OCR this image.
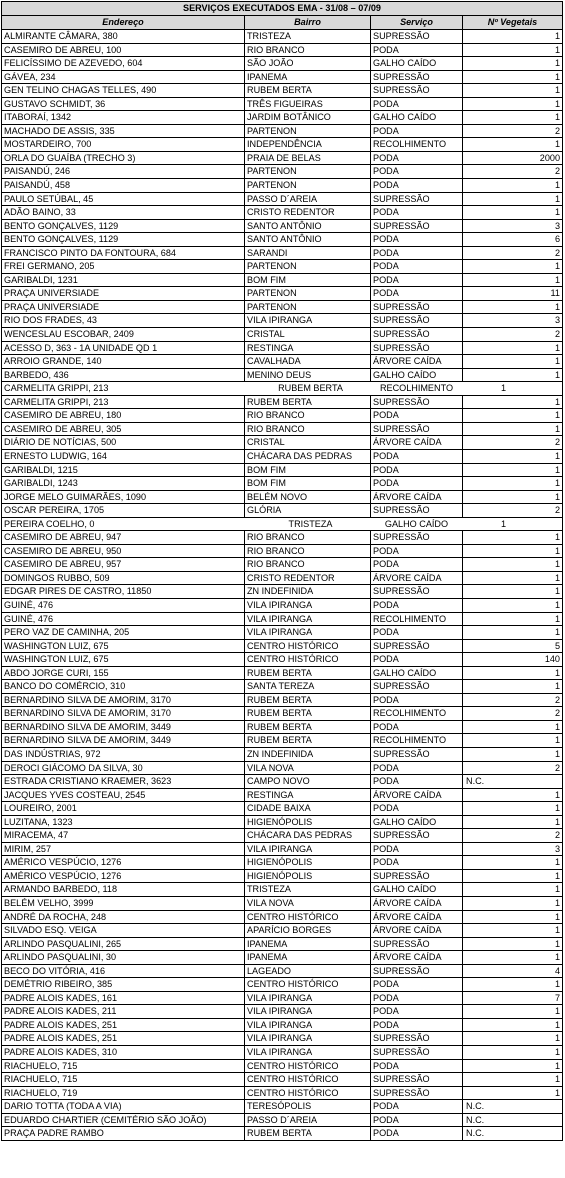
SERVIÇOS EXECUTADOS EMA - 31/08 – 07/09
Endereço	Bairro	Serviço	Nº Vegetais
ALMIRANTE CÂMARA, 380	TRISTEZA	SUPRESSÃO	1
CASEMIRO DE ABREU, 100	RIO BRANCO	PODA	1
FELICÍSSIMO DE AZEVEDO, 604	SÃO JOÃO	GALHO CAÍDO	1
GÁVEA, 234	IPANEMA	SUPRESSÃO	1
GEN TELINO CHAGAS TELLES, 490	RUBEM BERTA	SUPRESSÃO	1
GUSTAVO SCHMIDT, 36	TRÊS FIGUEIRAS	PODA	1
ITABORAÍ, 1342	JARDIM BOTÂNICO	GALHO CAÍDO	1
MACHADO DE ASSIS, 335	PARTENON	PODA	2
MOSTARDEIRO, 700	INDEPENDÊNCIA	RECOLHIMENTO	1
ORLA DO GUAÍBA (TRECHO 3)	PRAIA DE BELAS	PODA	2000
PAISANDÚ, 246	PARTENON	PODA	2
PAISANDÚ, 458	PARTENON	PODA	1
PAULO SETÚBAL, 45	PASSO D´AREIA	SUPRESSÃO	1
ADÃO BAINO, 33	CRISTO REDENTOR	PODA	1
BENTO GONÇALVES, 1129	SANTO ANTÔNIO	SUPRESSÃO	3
BENTO GONÇALVES, 1129	SANTO ANTÔNIO	PODA	6
FRANCISCO PINTO DA FONTOURA, 684	SARANDI	PODA	2
FREI GERMANO, 205	PARTENON	PODA	1
GARIBALDI, 1231	BOM FIM	PODA	1
PRAÇA UNIVERSIADE	PARTENON	PODA	11
PRAÇA UNIVERSIADE	PARTENON	SUPRESSÃO	1
RIO DOS FRADES, 43	VILA IPIRANGA	SUPRESSÃO	3
WENCESLAU ESCOBAR, 2409	CRISTAL	SUPRESSÃO	2
ACESSO D, 363 - 1A UNIDADE QD 1	RESTINGA	SUPRESSÃO	1
ARROIO GRANDE, 140	CAVALHADA	ÁRVORE CAÍDA	1
BARBEDO, 436	MENINO DEUS	GALHO CAÍDO	1
CARMELITA GRIPPI, 213	RUBEM BERTA	RECOLHIMENTO	1
CARMELITA GRIPPI, 213	RUBEM BERTA	SUPRESSÃO	1
CASEMIRO DE ABREU, 180	RIO BRANCO	PODA	1
CASEMIRO DE ABREU, 305	RIO BRANCO	SUPRESSÃO	1
DIÁRIO DE NOTÍCIAS, 500	CRISTAL	ÁRVORE CAÍDA	2
ERNESTO LUDWIG, 164	CHÁCARA DAS PEDRAS	PODA	1
GARIBALDI, 1215	BOM FIM	PODA	1
GARIBALDI, 1243	BOM FIM	PODA	1
JORGE MELO GUIMARÃES, 1090	BELÉM NOVO	ÁRVORE CAÍDA	1
OSCAR PEREIRA, 1705	GLÓRIA	SUPRESSÃO	2
PEREIRA COELHO, 0	TRISTEZA	GALHO CAÍDO	1
CASEMIRO DE ABREU, 947	RIO BRANCO	SUPRESSÃO	1
CASEMIRO DE ABREU, 950	RIO BRANCO	PODA	1
CASEMIRO DE ABREU, 957	RIO BRANCO	PODA	1
DOMINGOS RUBBO, 509	CRISTO REDENTOR	ÁRVORE CAÍDA	1
EDGAR PIRES DE CASTRO, 11850	ZN INDEFINIDA	SUPRESSÃO	1
GUINÉ, 476	VILA IPIRANGA	PODA	1
GUINÉ, 476	VILA IPIRANGA	RECOLHIMENTO	1
PERO VAZ DE CAMINHA, 205	VILA IPIRANGA	PODA	1
WASHINGTON LUIZ, 675	CENTRO HISTÓRICO	SUPRESSÃO	5
WASHINGTON LUIZ, 675	CENTRO HISTÓRICO	PODA	140
ABDO JORGE CURI, 155	RUBEM BERTA	GALHO CAÍDO	1
BANCO DO COMÉRCIO, 310	SANTA TEREZA	SUPRESSÃO	1
BERNARDINO SILVA DE AMORIM, 3170	RUBEM BERTA	PODA	2
BERNARDINO SILVA DE AMORIM, 3170	RUBEM BERTA	RECOLHIMENTO	2
BERNARDINO SILVA DE AMORIM, 3449	RUBEM BERTA	PODA	1
BERNARDINO SILVA DE AMORIM, 3449	RUBEM BERTA	RECOLHIMENTO	1
DAS INDÚSTRIAS, 972	ZN INDEFINIDA	SUPRESSÃO	1
DEROCI GIÁCOMO DA SILVA, 30	VILA NOVA	PODA	2
ESTRADA CRISTIANO KRAEMER, 3623	CAMPO NOVO	PODA	N.C.
JACQUES YVES COSTEAU, 2545	RESTINGA	ÁRVORE CAÍDA	1
LOUREIRO, 2001	CIDADE BAIXA	PODA	1
LUZITANA, 1323	HIGIENÓPOLIS	GALHO CAÍDO	1
MIRACEMA, 47	CHÁCARA DAS PEDRAS	SUPRESSÃO	2
MIRIM, 257	VILA IPIRANGA	PODA	3
AMÉRICO VESPÚCIO, 1276	HIGIENÓPOLIS	PODA	1
AMÉRICO VESPÚCIO, 1276	HIGIENÓPOLIS	SUPRESSÃO	1
ARMANDO BARBEDO, 118	TRISTEZA	GALHO CAÍDO	1
BELÉM VELHO, 3999	VILA NOVA	ÁRVORE CAÍDA	1
ANDRÉ DA ROCHA, 248	CENTRO HISTÓRICO	ÁRVORE CAÍDA	1
SILVADO ESQ. VEIGA	APARÍCIO BORGES	ÁRVORE CAÍDA	1
ARLINDO PASQUALINI, 265	IPANEMA	SUPRESSÃO	1
ARLINDO PASQUALINI, 30	IPANEMA	ÁRVORE CAÍDA	1
BECO DO VITÓRIA, 416	LAGEADO	SUPRESSÃO	4
DEMÉTRIO RIBEIRO, 385	CENTRO HISTÓRICO	PODA	1
PADRE ALOIS KADES, 161	VILA IPIRANGA	PODA	7
PADRE ALOIS KADES, 211	VILA IPIRANGA	PODA	1
PADRE ALOIS KADES, 251	VILA IPIRANGA	PODA	1
PADRE ALOIS KADES, 251	VILA IPIRANGA	SUPRESSÃO	1
PADRE ALOIS KADES, 310	VILA IPIRANGA	SUPRESSÃO	1
RIACHUELO, 715	CENTRO HISTÓRICO	PODA	1
RIACHUELO, 715	CENTRO HISTÓRICO	SUPRESSÃO	1
RIACHUELO, 719	CENTRO HISTÓRICO	SUPRESSÃO	1
DARIO TOTTA (TODA A VIA)	TERESÓPOLIS	PODA	N.C.
EDUARDO CHARTIER (CEMITÉRIO SÃO JOÃO)	PASSO D´AREIA	PODA	N.C.
PRAÇA PADRE RAMBO	RUBEM BERTA	PODA	N.C.
